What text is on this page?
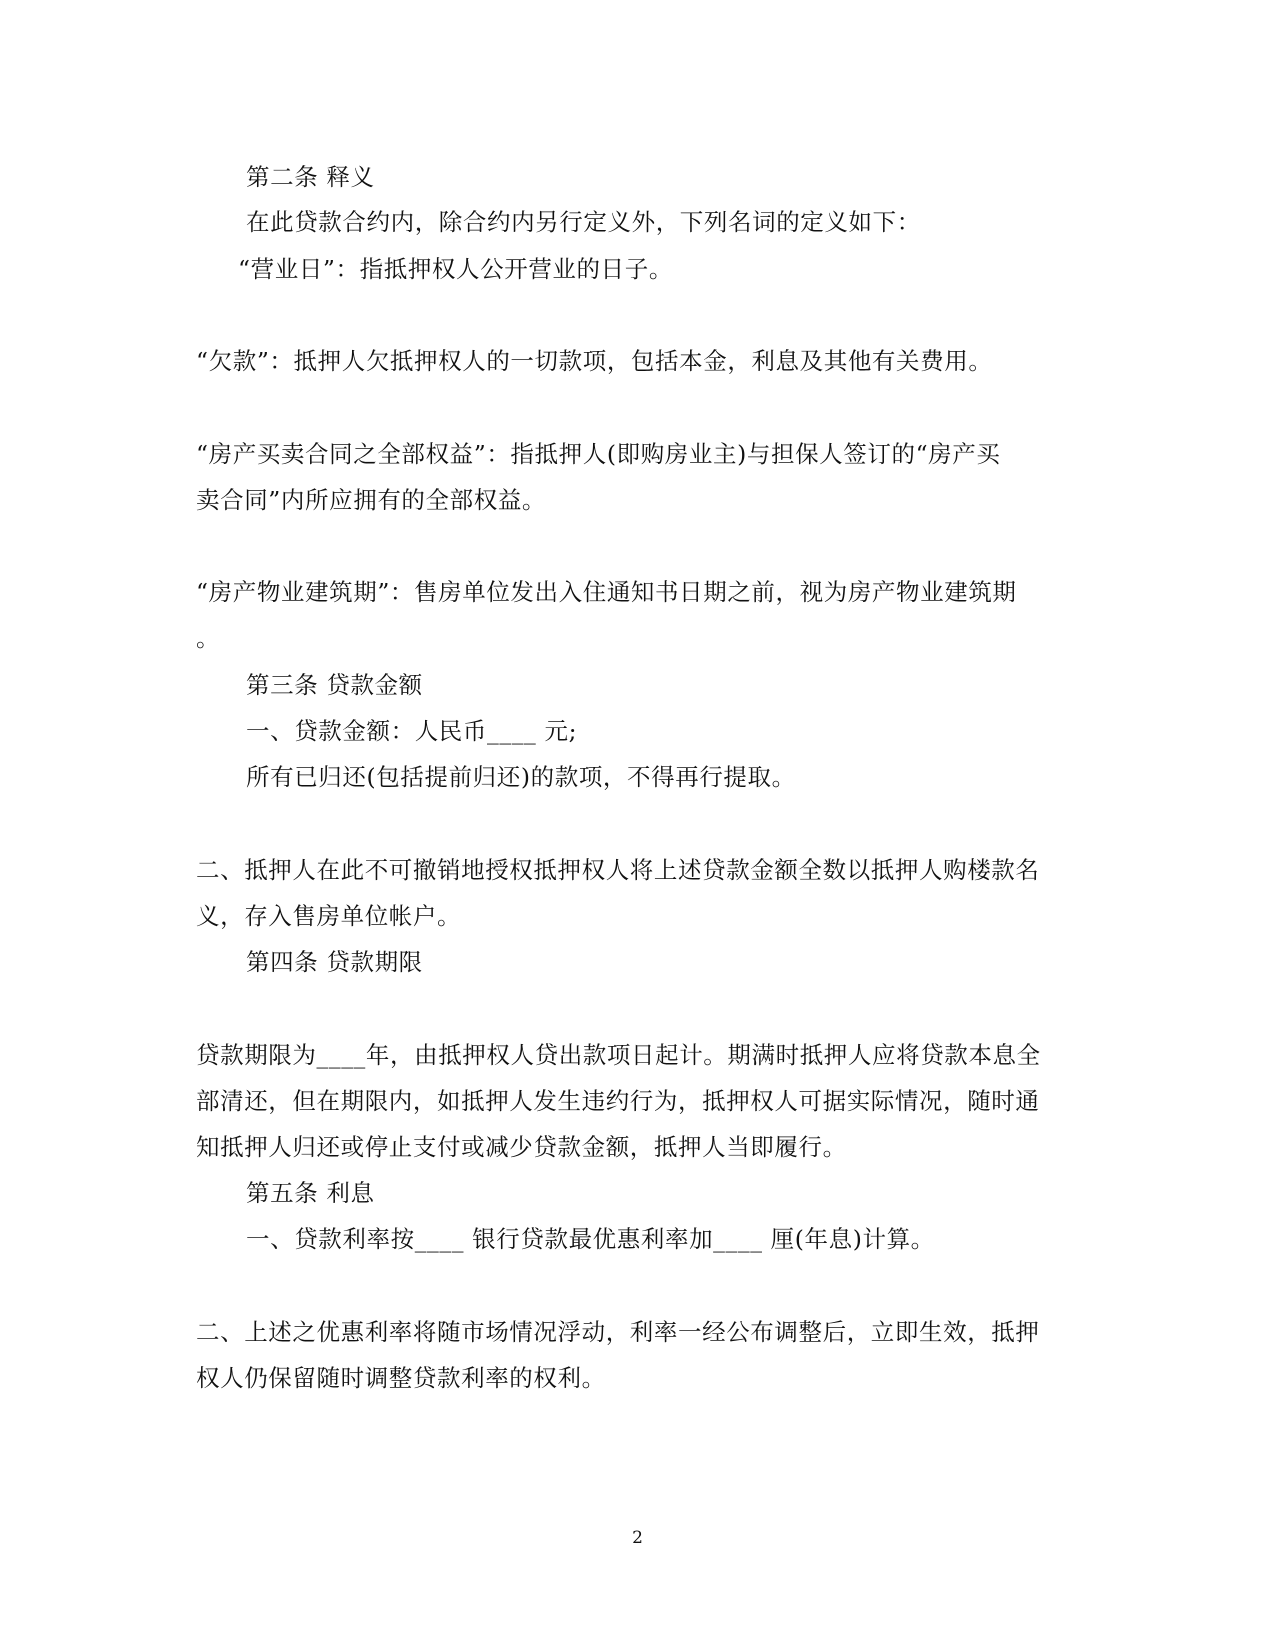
第二条 释义
在此贷款合约内，除合约内另行定义外，下列名词的定义如下：
“营业日”：指抵押权人公开营业的日子。
“欠款”：抵押人欠抵押权人的一切款项，包括本金，利息及其他有关费用。
“房产买卖合同之全部权益”：指抵押人(即购房业主)与担保人签订的“房产买
卖合同”内所应拥有的全部权益。
“房产物业建筑期”：售房单位发出入住通知书日期之前，视为房产物业建筑期
。
第三条 贷款金额
一、贷款金额：人民币____ 元;
所有已归还(包括提前归还)的款项，不得再行提取。
二、抵押人在此不可撤销地授权抵押权人将上述贷款金额全数以抵押人购楼款名
义，存入售房单位帐户。
第四条 贷款期限
贷款期限为____年，由抵押权人贷出款项日起计。期满时抵押人应将贷款本息全
部清还，但在期限内，如抵押人发生违约行为，抵押权人可据实际情况，随时通
知抵押人归还或停止支付或减少贷款金额，抵押人当即履行。
第五条 利息
一、贷款利率按____ 银行贷款最优惠利率加____ 厘(年息)计算。
二、上述之优惠利率将随市场情况浮动，利率一经公布调整后，立即生效，抵押
权人仍保留随时调整贷款利率的权利。
2
